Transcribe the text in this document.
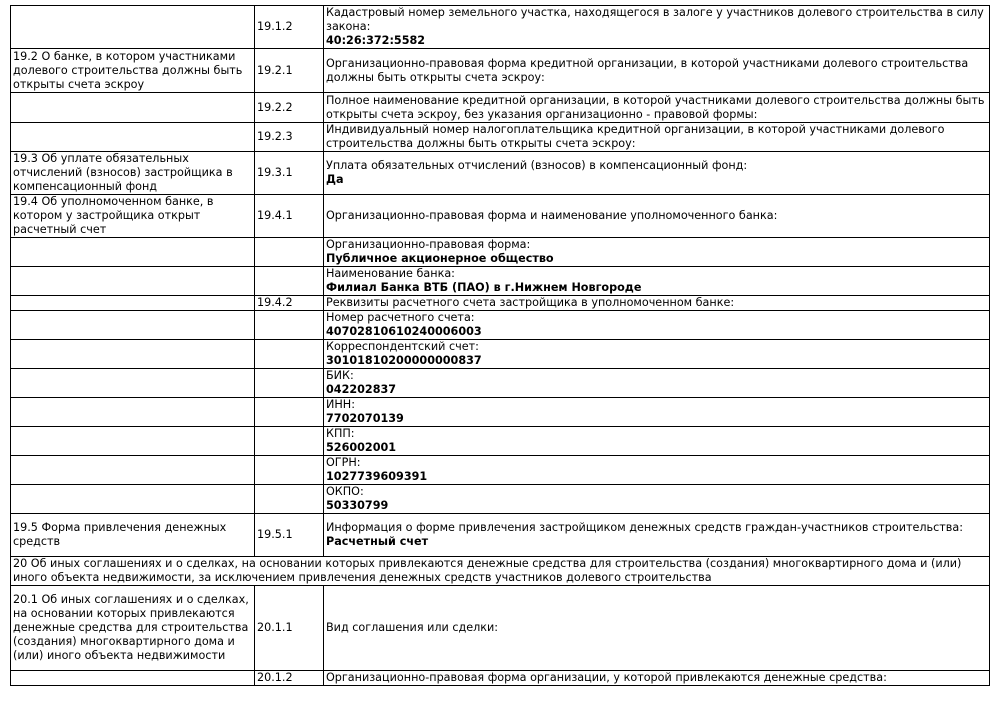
	19.1.2	Кадастровый номер земельного участка, находящегося в залоге у участников долевого строительства в силу закона:
40:26:372:5582
19.2 О банке, в котором участниками долевого строительства должны быть открыты счета эскроу	19.2.1	Организационно-правовая форма кредитной организации, в которой участниками долевого строительства должны быть открыты счета эскроу:
	19.2.2	Полное наименование кредитной организации, в которой участниками долевого строительства должны быть открыты счета эскроу, без указания организационно - правовой формы:
	19.2.3	Индивидуальный номер налогоплательщика кредитной организации, в которой участниками долевого строительства должны быть открыты счета эскроу:
19.3 Об уплате обязательных отчислений (взносов) застройщика в компенсационный фонд	19.3.1	Уплата обязательных отчислений (взносов) в компенсационный фонд:
Да
19.4 Об уполномоченном банке, в котором у застройщика открыт расчетный счет	19.4.1	Организационно-правовая форма и наименование уполномоченного банка:
		Организационно-правовая форма:
Публичное акционерное общество
		Наименование банка:
Филиал Банка ВТБ (ПАО) в г.Нижнем Новгороде
	19.4.2	Реквизиты расчетного счета застройщика в уполномоченном банке:
		Номер расчетного счета:
40702810610240006003
		Корреспондентский счет:
30101810200000000837
		БИК:
042202837
		ИНН:
7702070139
		КПП:
526002001
		ОГРН:
1027739609391
		ОКПО:
50330799
19.5 Форма привлечения денежных средств	19.5.1	Информация о форме привлечения застройщиком денежных средств граждан-участников строительства:
Расчетный счет
20 Об иных соглашениях и о сделках, на основании которых привлекаются денежные средства для строительства (создания) многоквартирного дома и (или) иного объекта недвижимости, за исключением привлечения денежных средств участников долевого строительства		
20.1 Об иных соглашениях и о сделках, на основании которых привлекаются денежные средства для строительства (создания) многоквартирного дома и (или) иного объекта недвижимости	20.1.1	Вид соглашения или сделки:
	20.1.2	Организационно-правовая форма организации, у которой привлекаются денежные средства:
